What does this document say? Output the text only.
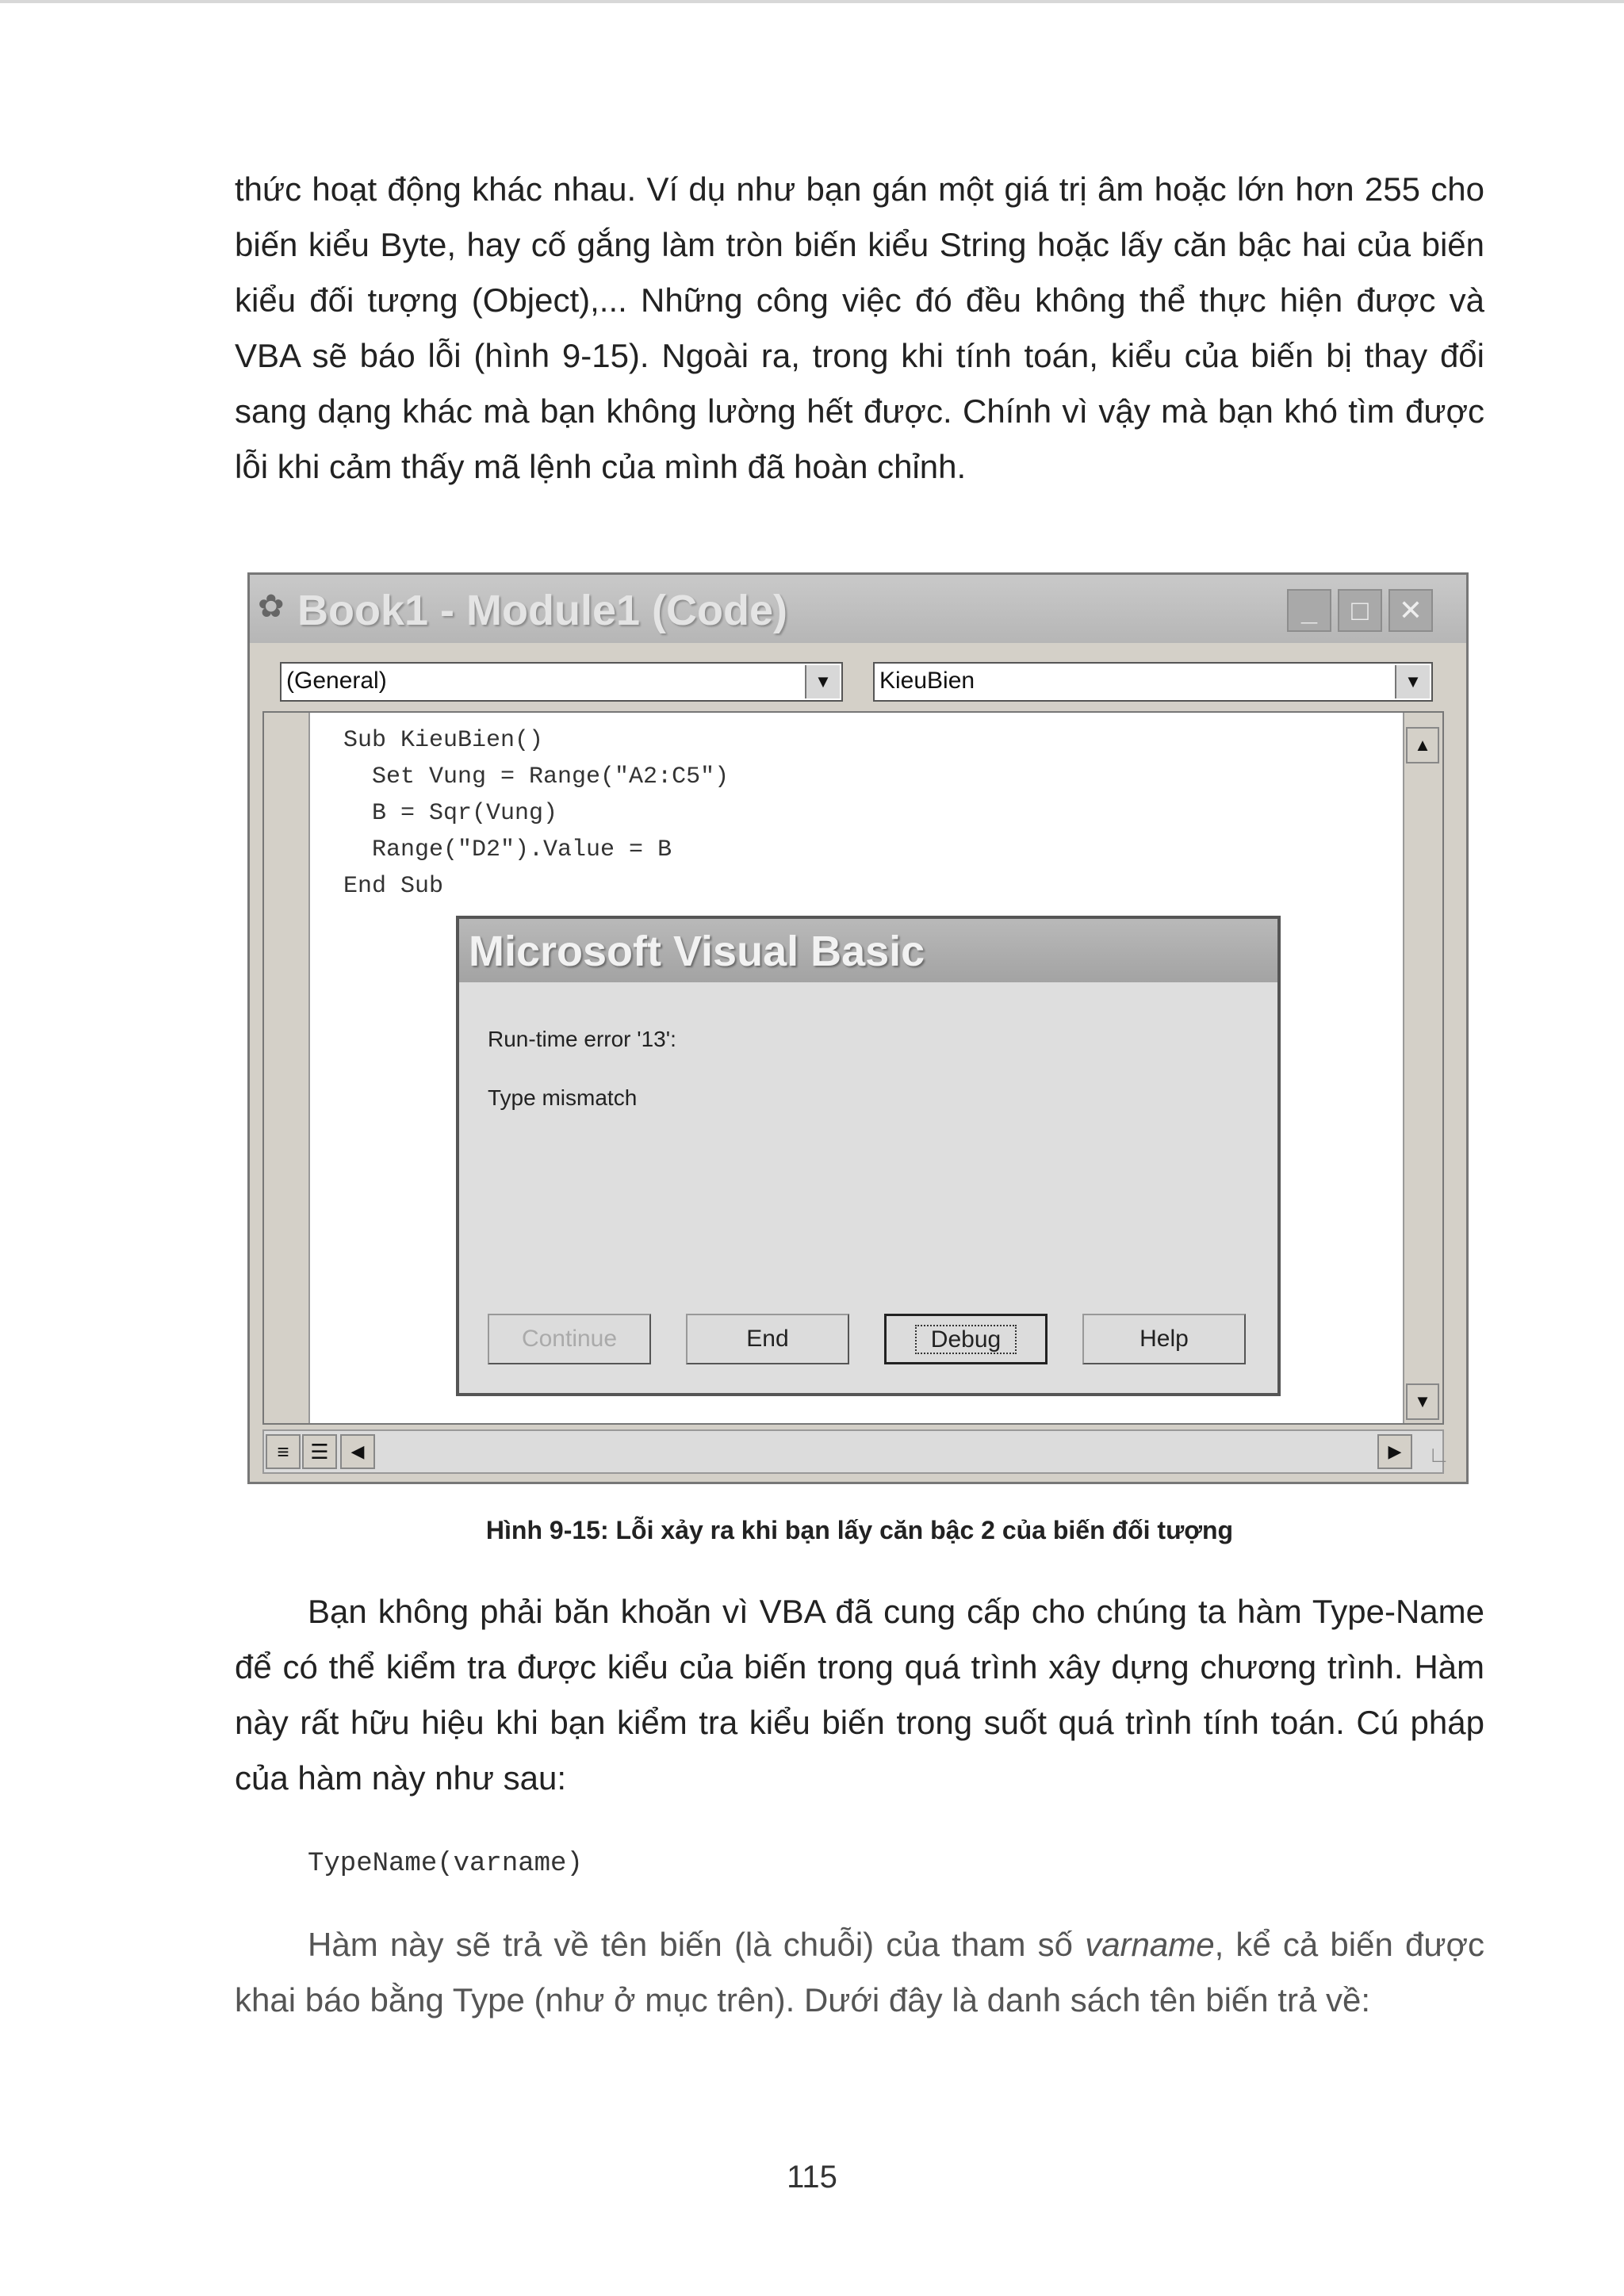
thức hoạt động khác nhau. Ví dụ như bạn gán một giá trị âm hoặc lớn hơn 255 cho biến kiểu Byte, hay cố gắng làm tròn biến kiểu String hoặc lấy căn bậc hai của biến kiểu đối tượng (Object),... Những công việc đó đều không thể thực hiện được và VBA sẽ báo lỗi (hình 9-15). Ngoài ra, trong khi tính toán, kiểu của biến bị thay đổi sang dạng khác mà bạn không lường hết được. Chính vì vậy mà bạn khó tìm được lỗi khi cảm thấy mã lệnh của mình đã hoàn chỉnh.

✿ Book1 - Module1 (Code)	_	□	✕
(General)	▼	KieuBien	▼
Sub KieuBien()
Set Vung = Range("A2:C5")
B = Sqr(Vung)
Range("D2").Value = B
End Sub
▲
▼
≡	☰	◀	▶	∟
Microsoft Visual Basic
Run-time error '13':
Type mismatch
Continue	End	Debug	Help
Hình 9-15: Lỗi xảy ra khi bạn lấy căn bậc 2 của biến đối tượng

Bạn không phải băn khoăn vì VBA đã cung cấp cho chúng ta hàm Type-Name để có thể kiểm tra được kiểu của biến trong quá trình xây dựng chương trình. Hàm này rất hữu hiệu khi bạn kiểm tra kiểu biến trong suốt quá trình tính toán. Cú pháp của hàm này như sau:

TypeName(varname)

Hàm này sẽ trả về tên biến (là chuỗi) của tham số varname, kể cả biến được khai báo bằng Type (như ở mục trên). Dưới đây là danh sách tên biến trả về:

115
